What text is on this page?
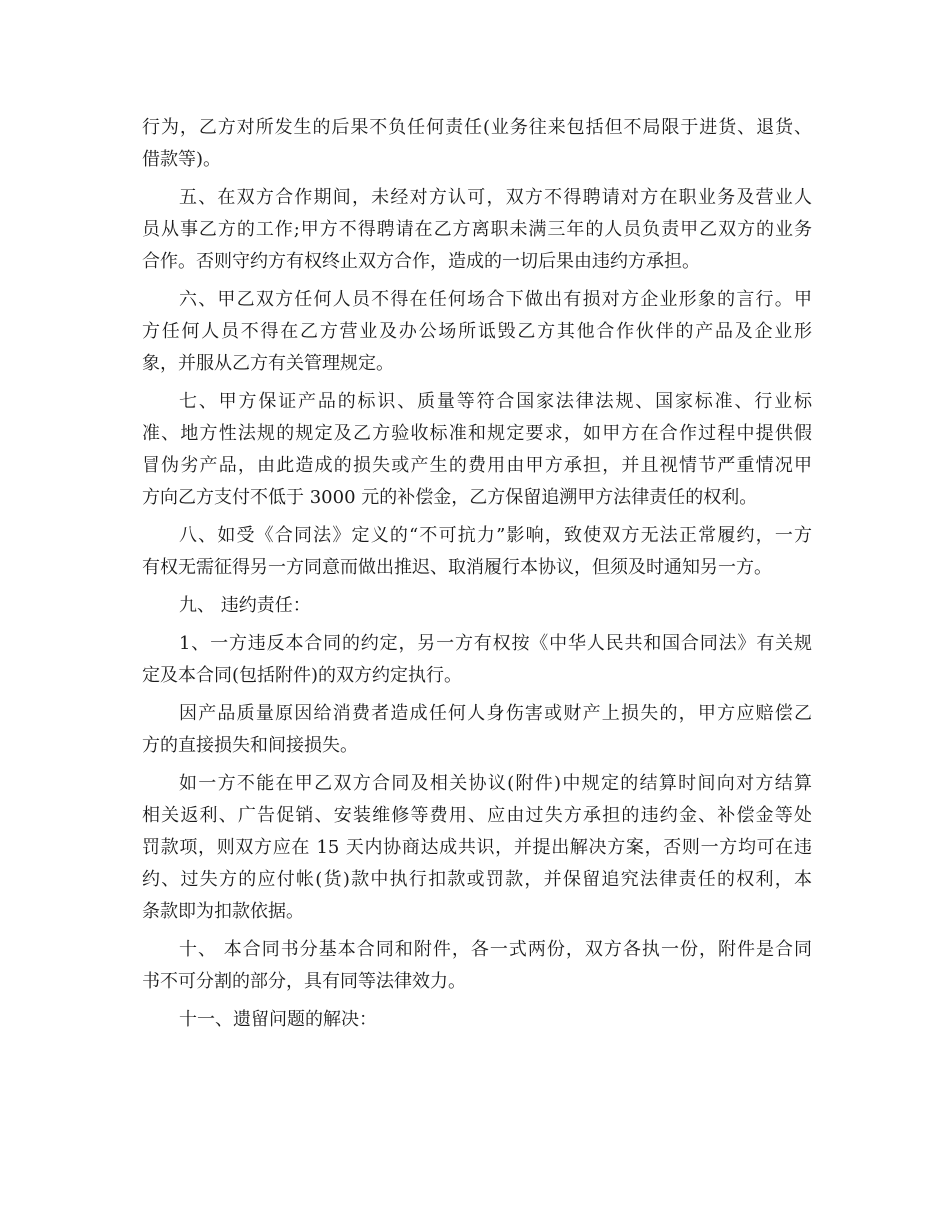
行为，乙方对所发生的后果不负任何责任(业务往来包括但不局限于进货、退货、
借款等)。
五、在双方合作期间，未经对方认可，双方不得聘请对方在职业务及营业人
员从事乙方的工作;甲方不得聘请在乙方离职未满三年的人员负责甲乙双方的业务
合作。否则守约方有权终止双方合作，造成的一切后果由违约方承担。
六、甲乙双方任何人员不得在任何场合下做出有损对方企业形象的言行。甲
方任何人员不得在乙方营业及办公场所诋毁乙方其他合作伙伴的产品及企业形
象，并服从乙方有关管理规定。
七、甲方保证产品的标识、质量等符合国家法律法规、国家标准、行业标
准、地方性法规的规定及乙方验收标准和规定要求，如甲方在合作过程中提供假
冒伪劣产品，由此造成的损失或产生的费用由甲方承担，并且视情节严重情况甲
方向乙方支付不低于 3000 元的补偿金，乙方保留追溯甲方法律责任的权利。
八、如受《合同法》定义的“不可抗力”影响，致使双方无法正常履约，一方
有权无需征得另一方同意而做出推迟、取消履行本协议，但须及时通知另一方。
九、 违约责任：
1、一方违反本合同的约定，另一方有权按《中华人民共和国合同法》有关规
定及本合同(包括附件)的双方约定执行。
因产品质量原因给消费者造成任何人身伤害或财产上损失的，甲方应赔偿乙
方的直接损失和间接损失。
如一方不能在甲乙双方合同及相关协议(附件)中规定的结算时间向对方结算
相关返利、广告促销、安装维修等费用、应由过失方承担的违约金、补偿金等处
罚款项，则双方应在 15 天内协商达成共识，并提出解决方案，否则一方均可在违
约、过失方的应付帐(货)款中执行扣款或罚款，并保留追究法律责任的权利，本
条款即为扣款依据。
十、 本合同书分基本合同和附件，各一式两份，双方各执一份，附件是合同
书不可分割的部分，具有同等法律效力。
十一、遗留问题的解决：
